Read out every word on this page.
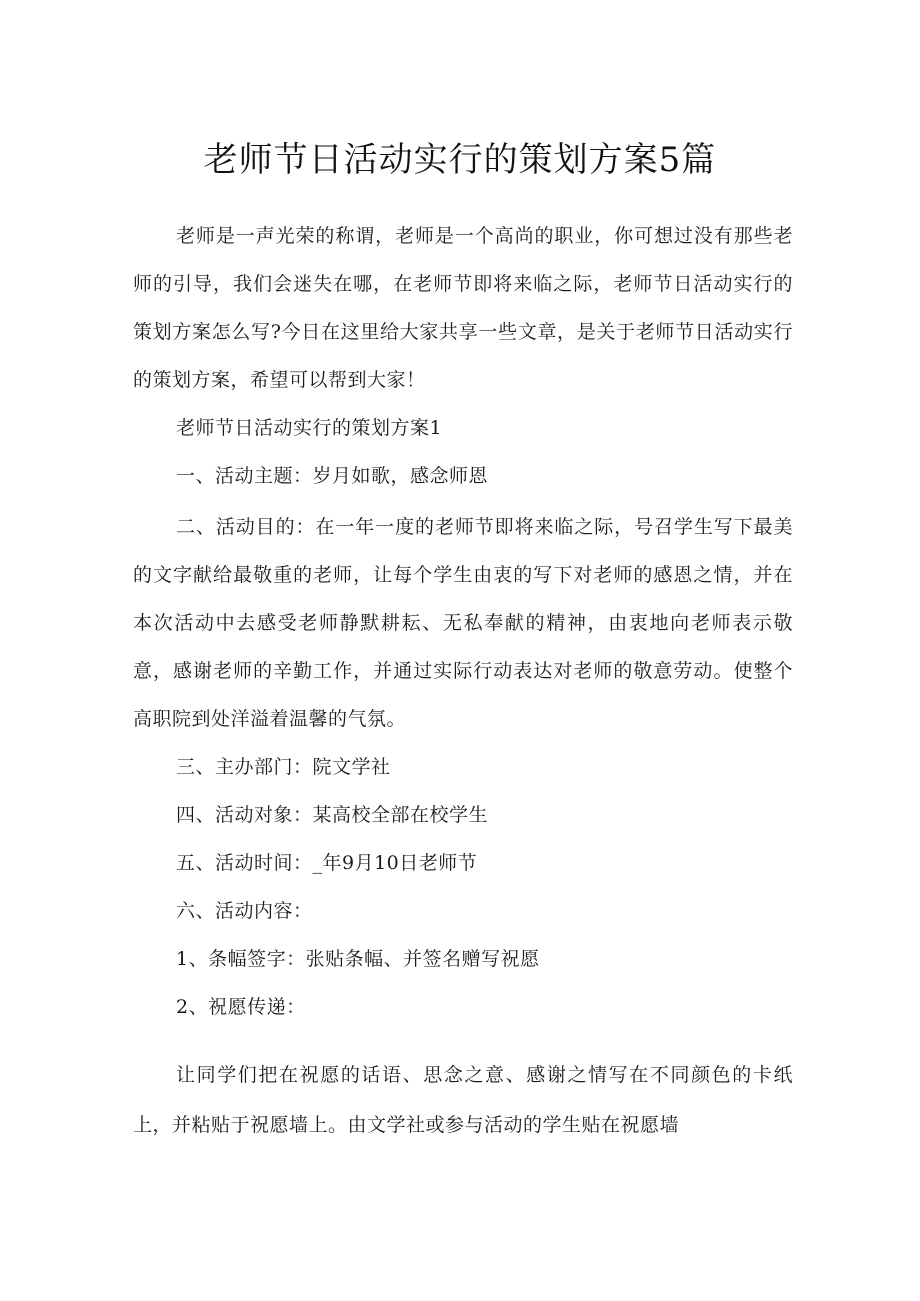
老师节日活动实行的策划方案5篇

老师是一声光荣的称谓，老师是一个高尚的职业，你可想过没有那些老师的引导，我们会迷失在哪，在老师节即将来临之际，老师节日活动实行的策划方案怎么写?今日在这里给大家共享一些文章，是关于老师节日活动实行的策划方案，希望可以帮到大家！

老师节日活动实行的策划方案1
一、活动主题：岁月如歌，感念师恩

二、活动目的：在一年一度的老师节即将来临之际，号召学生写下最美的文字献给最敬重的老师，让每个学生由衷的写下对老师的感恩之情，并在本次活动中去感受老师静默耕耘、无私奉献的精神，由衷地向老师表示敬意，感谢老师的辛勤工作，并通过实际行动表达对老师的敬意劳动。使整个高职院到处洋溢着温馨的气氛。

三、主办部门：院文学社
四、活动对象：某高校全部在校学生
五、活动时间：_年9月10日老师节
六、活动内容：
1、条幅签字：张贴条幅、并签名赠写祝愿
2、祝愿传递：

让同学们把在祝愿的话语、思念之意、感谢之情写在不同颜色的卡纸上，并粘贴于祝愿墙上。由文学社或参与活动的学生贴在祝愿墙
